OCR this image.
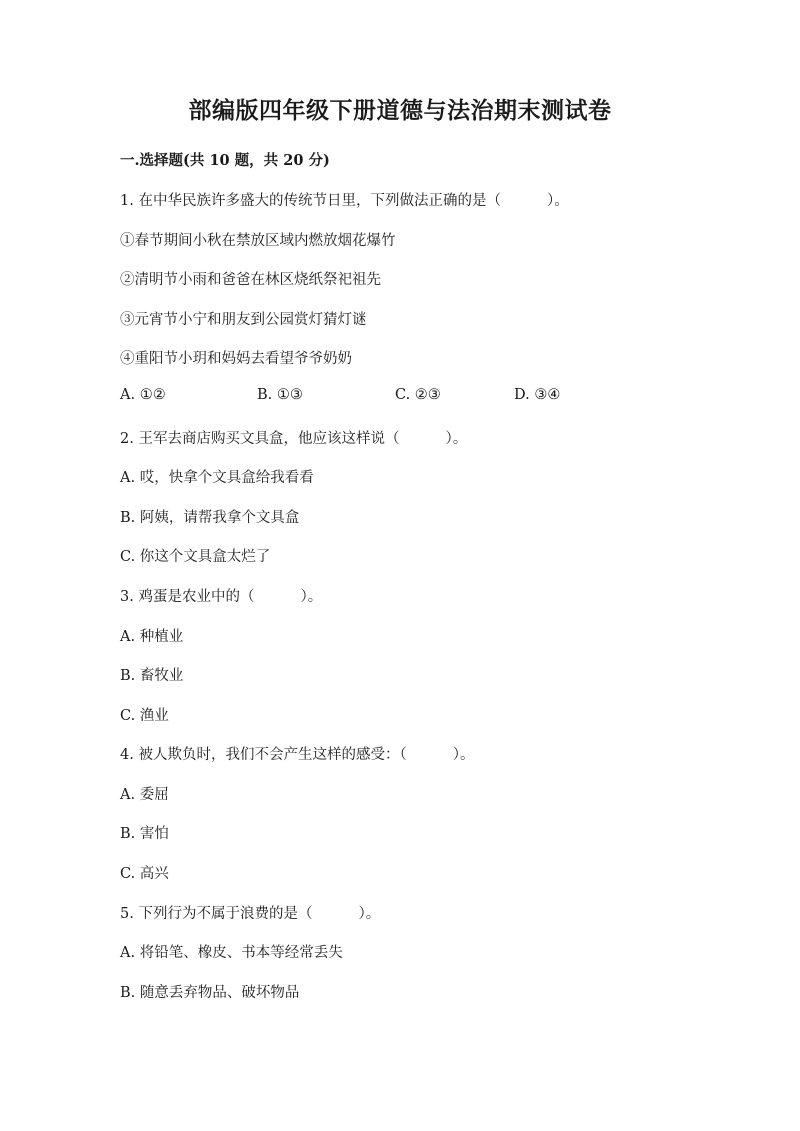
部编版四年级下册道德与法治期末测试卷
一.选择题(共 10 题，共 20 分)
1. 在中华民族许多盛大的传统节日里，下列做法正确的是（          ）。
①春节期间小秋在禁放区域内燃放烟花爆竹
②清明节小雨和爸爸在林区烧纸祭祀祖先
③元宵节小宁和朋友到公园赏灯猜灯谜
④重阳节小玥和妈妈去看望爷爷奶奶
A. ①②	B. ①③	C. ②③	D. ③④
2. 王军去商店购买文具盒，他应该这样说（          ）。
A. 哎，快拿个文具盒给我看看
B. 阿姨，请帮我拿个文具盒
C. 你这个文具盒太烂了
3. 鸡蛋是农业中的（          ）。
A. 种植业
B. 畜牧业
C. 渔业
4. 被人欺负时，我们不会产生这样的感受：（          ）。
A. 委屈
B. 害怕
C. 高兴
5. 下列行为不属于浪费的是（          ）。
A. 将铅笔、橡皮、书本等经常丢失
B. 随意丢弃物品、破坏物品
